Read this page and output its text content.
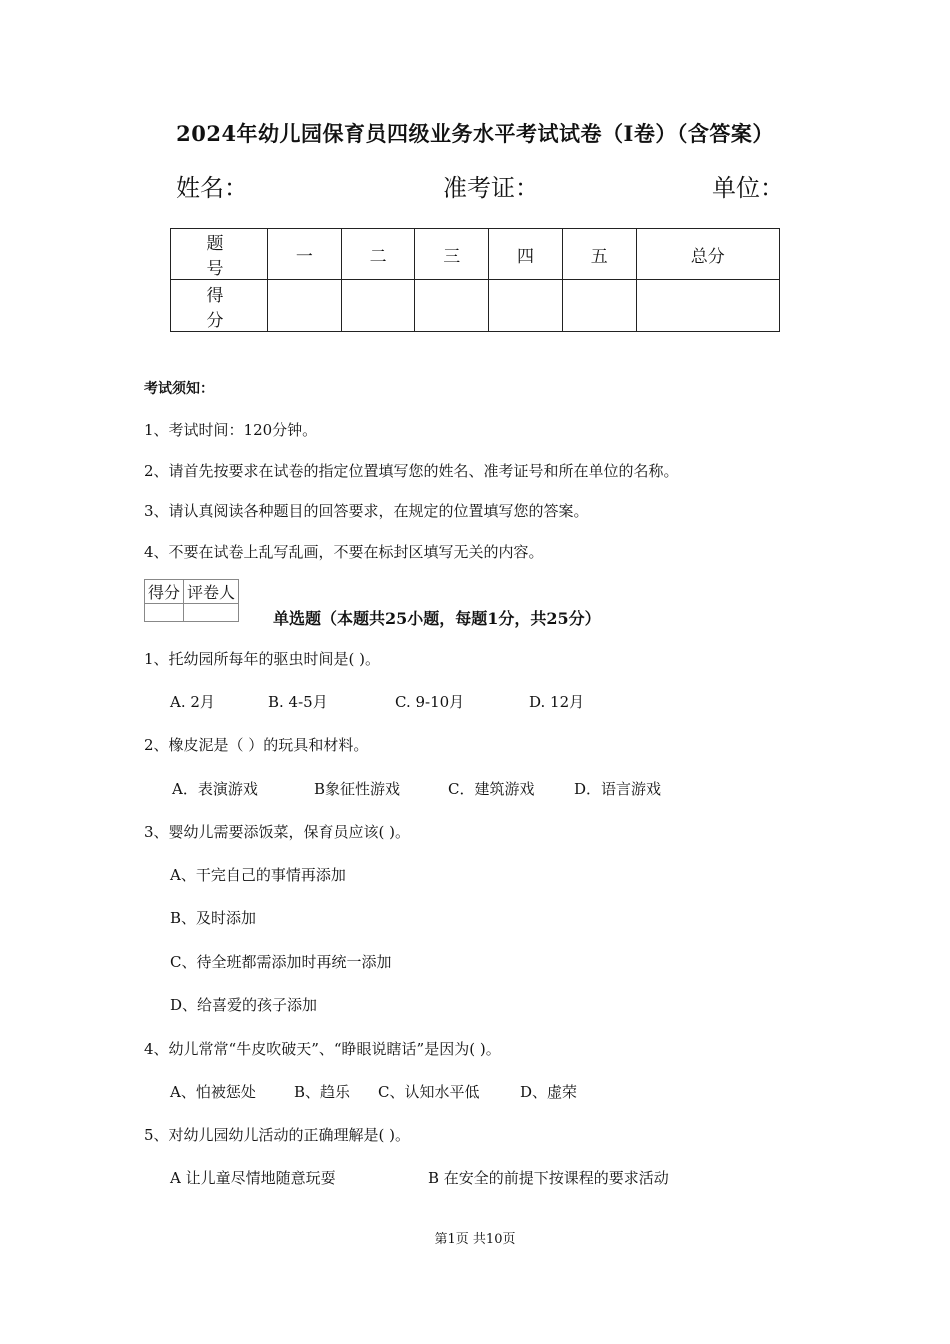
2024年幼儿园保育员四级业务水平考试试卷（I卷）（含答案）
姓名：	准考证：	单位：
题 号	一	二	三	四	五	总分
得 分						
考试须知：
1、考试时间：120分钟。
2、请首先按要求在试卷的指定位置填写您的姓名、准考证号和所在单位的名称。
3、请认真阅读各种题目的回答要求，在规定的位置填写您的答案。
4、不要在试卷上乱写乱画，不要在标封区填写无关的内容。
得分	评卷人

单选题（本题共25小题，每题1分，共25分）
1、托幼园所每年的驱虫时间是( )。
A. 2月	B. 4-5月	C. 9-10月	D. 12月
2、橡皮泥是（ ）的玩具和材料。
A．表演游戏	B象征性游戏	C．建筑游戏	D．语言游戏
3、婴幼儿需要添饭菜，保育员应该( )。
A、干完自己的事情再添加
B、及时添加
C、待全班都需添加时再统一添加
D、给喜爱的孩子添加
4、幼儿常常“牛皮吹破天”、“睁眼说瞎话”是因为( )。
A、怕被惩处	B、趋乐 C、认知水平低	D、虚荣
5、对幼儿园幼儿活动的正确理解是( )。
A 让儿童尽情地随意玩耍	B 在安全的前提下按课程的要求活动
第1页 共10页
